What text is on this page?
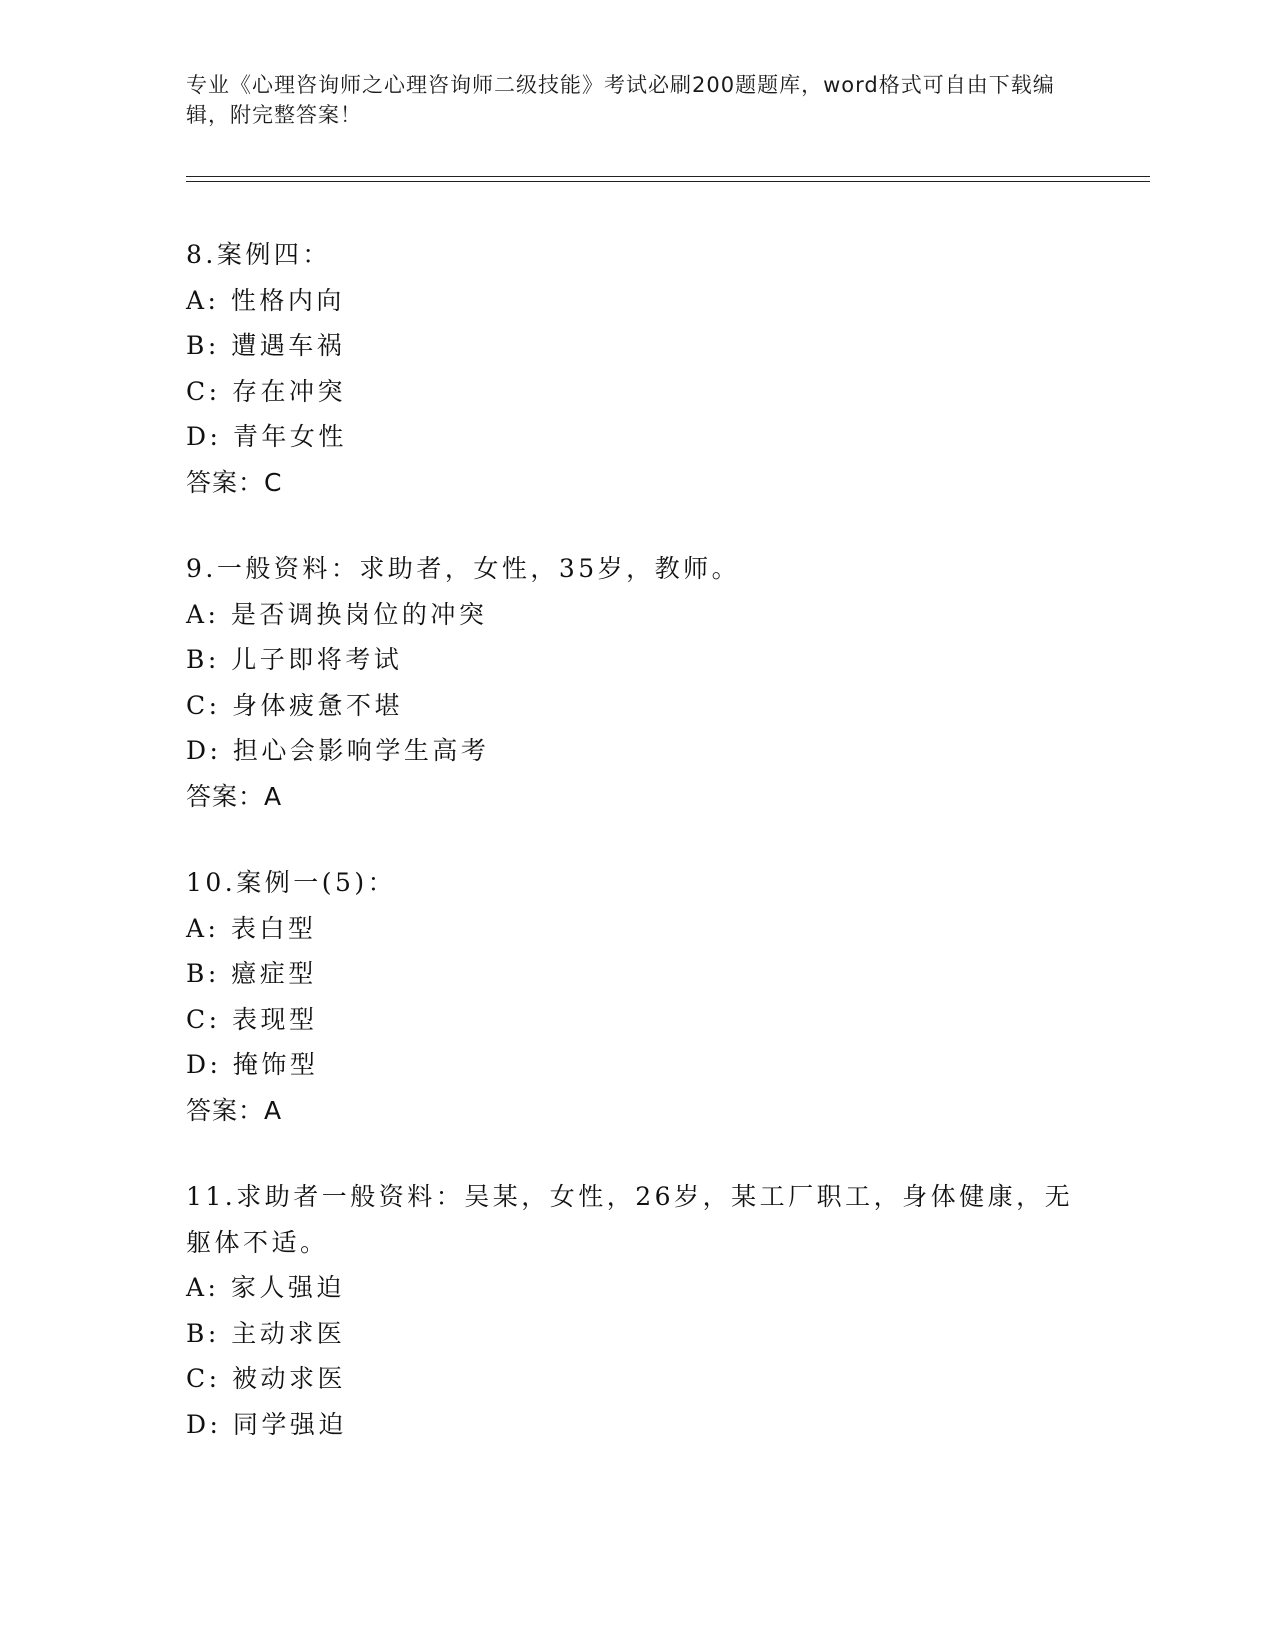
专业《心理咨询师之心理咨询师二级技能》考试必刷200题题库，word格式可自由下载编辑，附完整答案！
8.案例四：
A: 性格内向
B: 遭遇车祸
C: 存在冲突
D: 青年女性
答案：C
9.一般资料：求助者，女性，35岁，教师。
A: 是否调换岗位的冲突
B: 儿子即将考试
C: 身体疲惫不堪
D: 担心会影响学生高考
答案：A
10.案例一(5)：
A: 表白型
B: 癔症型
C: 表现型
D: 掩饰型
答案：A
11.求助者一般资料：吴某，女性，26岁，某工厂职工，身体健康，无躯体不适。
A: 家人强迫
B: 主动求医
C: 被动求医
D: 同学强迫
